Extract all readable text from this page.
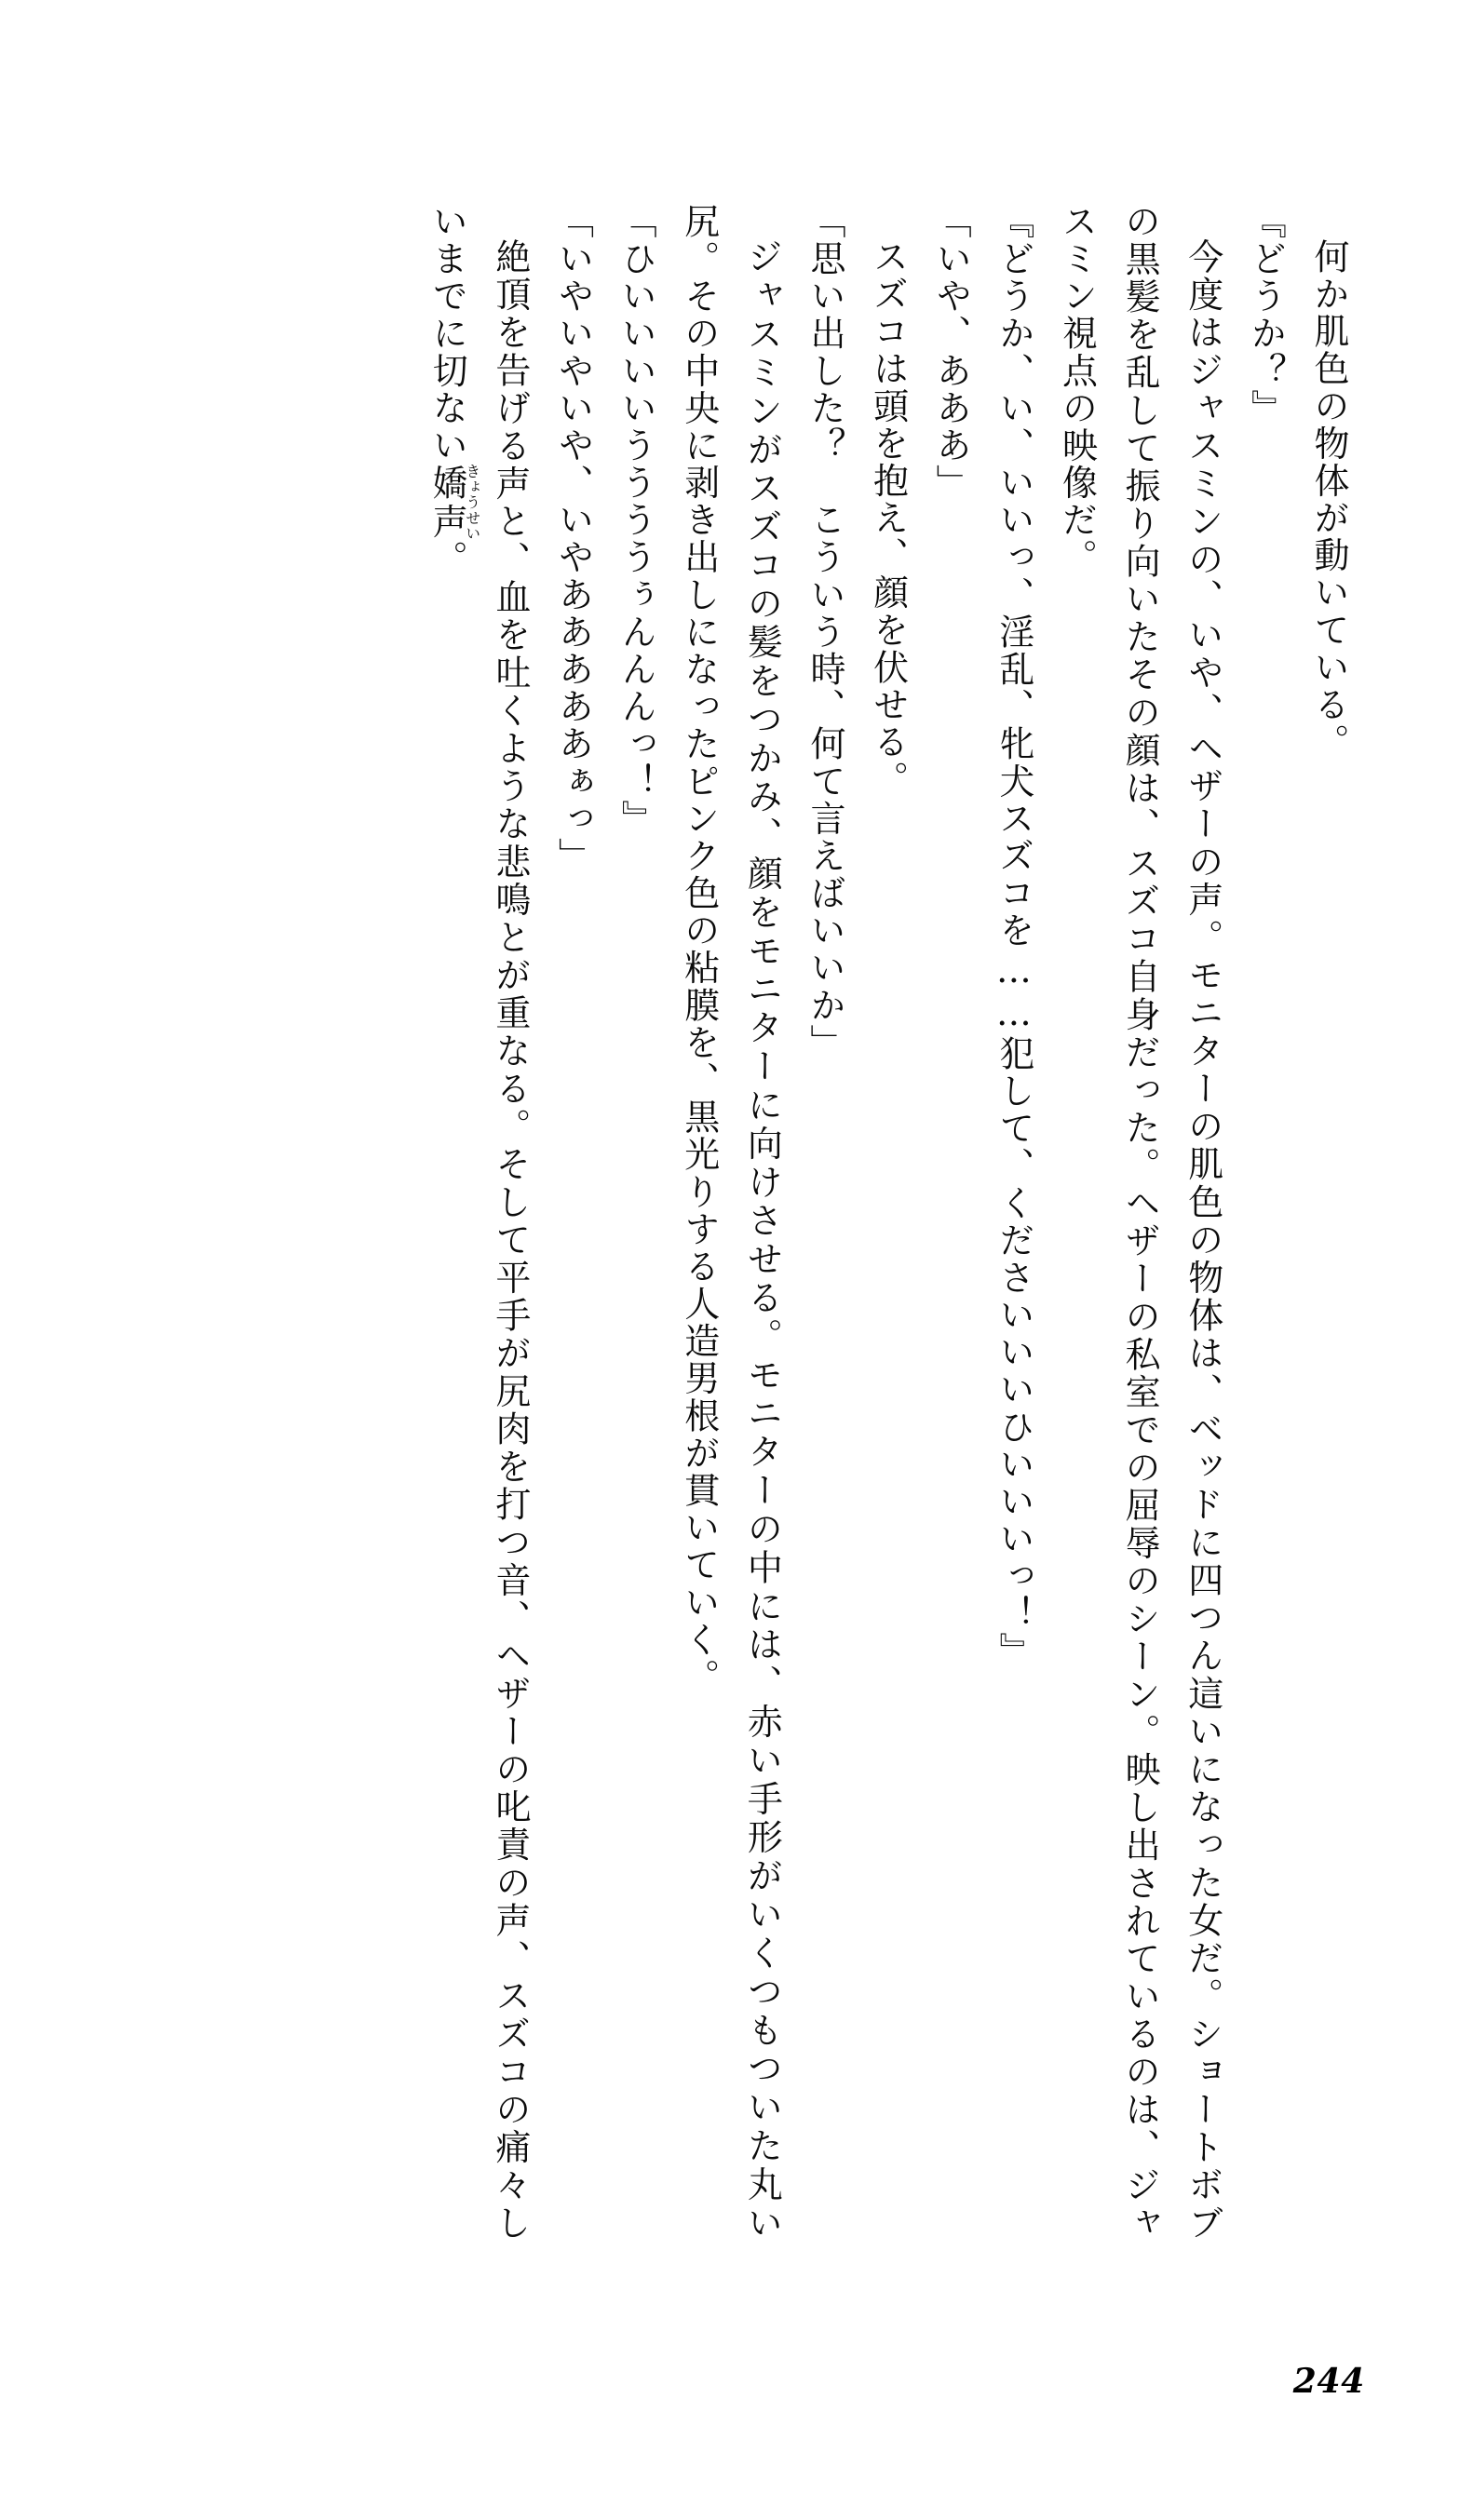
何か肌色の物体が動いている。

『どうか？』

今度はジャスミンの、いや、ヘザーの声。モニターの肌色の物体は、ベッドに四つん這いになった女だ。ショートボブの黒髪を乱して振り向いたその顔は、スズコ自身だった。ヘザーの私室での屈辱のシーン。映し出されているのは、ジャスミン視点の映像だ。

『どうか、い、いいっ、淫乱、牝犬スズコを……犯して、くださいいいひいいいっ！』

「いや、あああ」

スズコは頭を抱え、顔を伏せる。

「思い出した？　こういう時、何て言えばいいか」

ジャスミンがスズコの髪をつかみ、顔をモニターに向けさせる。モニターの中には、赤い手形がいくつもついた丸い尻。その中央に剥き出しになったピンク色の粘膜を、黒光りする人造男根が貫いていく。

「ひいいいいううううぅんんんっ！』

「いやいやいや、いやあああああぁっ」

絶頂を告げる声と、血を吐くような悲鳴とが重なる。そして平手が尻肉を打つ音、ヘザーの叱責の声、スズコの痛々しいまでに切ない嬌声きょうせい。

244
